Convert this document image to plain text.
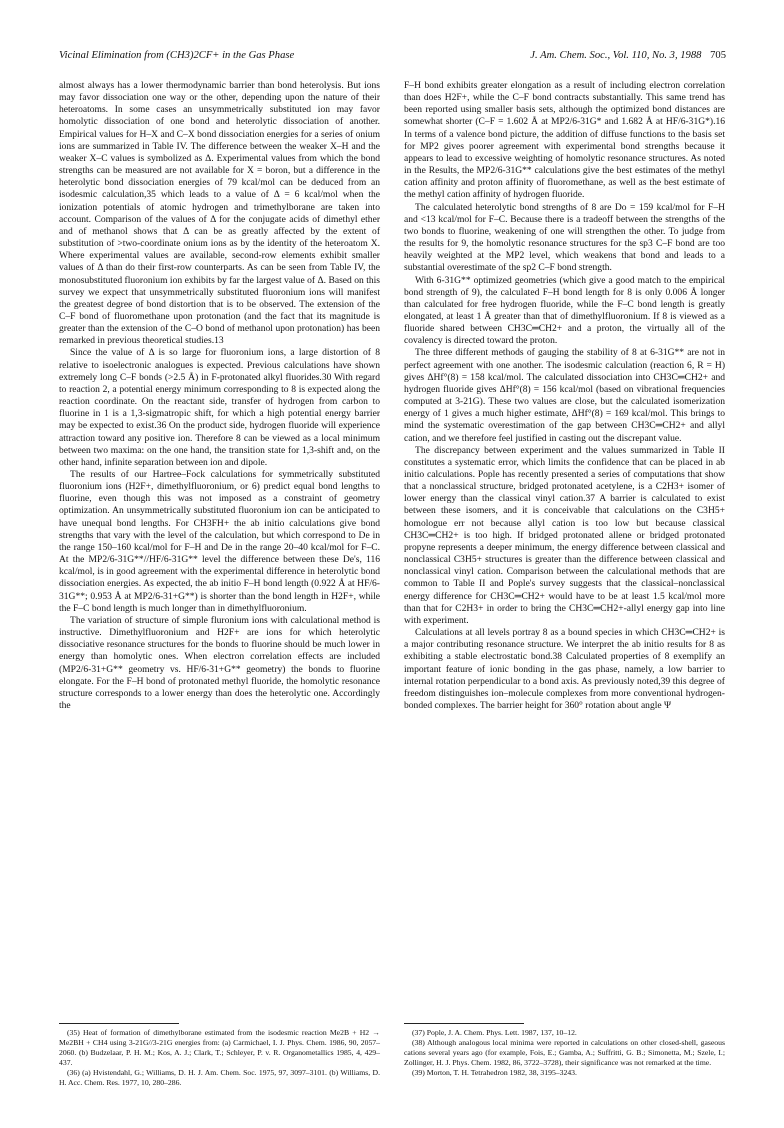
Vicinal Elimination from (CH3)2CF+ in the Gas Phase	J. Am. Chem. Soc., Vol. 110, No. 3, 1988 705

almost always has a lower thermodynamic barrier than bond heterolysis. But ions may favor dissociation one way or the other, depending upon the nature of their heteroatoms. In some cases an unsymmetrically substituted ion may favor homolytic dissociation of one bond and heterolytic dissociation of another. Empirical values for H–X and C–X bond dissociation energies for a series of onium ions are summarized in Table IV. The difference between the weaker X–H and the weaker X–C values is symbolized as Δ. Experimental values from which the bond strengths can be measured are not available for X = boron, but a difference in the heterolytic bond dissociation energies of 79 kcal/mol can be deduced from an isodesmic calculation,35 which leads to a value of Δ = 6 kcal/mol when the ionization potentials of atomic hydrogen and trimethylborane are taken into account. Comparison of the values of Δ for the conjugate acids of dimethyl ether and of methanol shows that Δ can be as greatly affected by the extent of substitution of >two-coordinate onium ions as by the identity of the heteroatom X. Where experimental values are available, second-row elements exhibit smaller values of Δ than do their first-row counterparts. As can be seen from Table IV, the monosubstituted fluoronium ion exhibits by far the largest value of Δ. Based on this survey we expect that unsymmetrically substituted fluoronium ions will manifest the greatest degree of bond distortion that is to be observed. The extension of the C–F bond of fluoromethane upon protonation (and the fact that its magnitude is greater than the extension of the C–O bond of methanol upon protonation) has been remarked in previous theoretical studies.13

Since the value of Δ is so large for fluoronium ions, a large distortion of 8 relative to isoelectronic analogues is expected. Previous calculations have shown extremely long C–F bonds (>2.5 Å) in F-protonated alkyl fluorides.30 With regard to reaction 2, a potential energy minimum corresponding to 8 is expected along the reaction coordinate. On the reactant side, transfer of hydrogen from carbon to fluorine in 1 is a 1,3-sigmatropic shift, for which a high potential energy barrier may be expected to exist.36 On the product side, hydrogen fluoride will experience attraction toward any positive ion. Therefore 8 can be viewed as a local minimum between two maxima: on the one hand, the transition state for 1,3-shift and, on the other hand, infinite separation between ion and dipole.

The results of our Hartree–Fock calculations for symmetrically substituted fluoronium ions (H2F+, dimethylfluoronium, or 6) predict equal bond lengths to fluorine, even though this was not imposed as a constraint of geometry optimization. An unsymmetrically substituted fluoronium ion can be anticipated to have unequal bond lengths. For CH3FH+ the ab initio calculations give bond strengths that vary with the level of the calculation, but which correspond to De in the range 150–160 kcal/mol for F–H and De in the range 20–40 kcal/mol for F–C. At the MP2/6-31G**//HF/6-31G** level the difference between these De's, 116 kcal/mol, is in good agreement with the experimental difference in heterolytic bond dissociation energies. As expected, the ab initio F–H bond length (0.922 Å at HF/6-31G**; 0.953 Å at MP2/6-31+G**) is shorter than the bond length in H2F+, while the F–C bond length is much longer than in dimethylfluoronium.

The variation of structure of simple fluronium ions with calculational method is instructive. Dimethylfluoronium and H2F+ are ions for which heterolytic dissociative resonance structures for the bonds to fluorine should be much lower in energy than homolytic ones. When electron correlation effects are included (MP2/6-31+G** geometry vs. HF/6-31+G** geometry) the bonds to fluorine elongate. For the F–H bond of protonated methyl fluoride, the homolytic resonance structure corresponds to a lower energy than does the heterolytic one. Accordingly the

F–H bond exhibits greater elongation as a result of including electron correlation than does H2F+, while the C–F bond contracts substantially. This same trend has been reported using smaller basis sets, although the optimized bond distances are somewhat shorter (C–F = 1.602 Å at MP2/6-31G* and 1.682 Å at HF/6-31G*).16 In terms of a valence bond picture, the addition of diffuse functions to the basis set for MP2 gives poorer agreement with experimental bond strengths because it appears to lead to excessive weighting of homolytic resonance structures. As noted in the Results, the MP2/6-31G** calculations give the best estimates of the methyl cation affinity and proton affinity of fluoromethane, as well as the best estimate of the methyl cation affinity of hydrogen fluoride.

The calculated heterolytic bond strengths of 8 are Do = 159 kcal/mol for F–H and <13 kcal/mol for F–C. Because there is a tradeoff between the strengths of the two bonds to fluorine, weakening of one will strengthen the other. To judge from the results for 9, the homolytic resonance structures for the sp3 C–F bond are too heavily weighted at the MP2 level, which weakens that bond and leads to a substantial overestimate of the sp2 C–F bond strength.

With 6-31G** optimized geometries (which give a good match to the empirical bond strength of 9), the calculated F–H bond length for 8 is only 0.006 Å longer than calculated for free hydrogen fluoride, while the F–C bond length is greatly elongated, at least 1 Å greater than that of dimethylfluoronium. If 8 is viewed as a fluoride shared between CH3C═CH2+ and a proton, the virtually all of the covalency is directed toward the proton.

The three different methods of gauging the stability of 8 at 6-31G** are not in perfect agreement with one another. The isodesmic calculation (reaction 6, R = H) gives ΔHf°(8) = 158 kcal/mol. The calculated dissociation into CH3C═CH2+ and hydrogen fluoride gives ΔHf°(8) = 156 kcal/mol (based on vibrational frequencies computed at 3-21G). These two values are close, but the calculated isomerization energy of 1 gives a much higher estimate, ΔHf°(8) = 169 kcal/mol. This brings to mind the systematic overestimation of the gap between CH3C═CH2+ and allyl cation, and we therefore feel justified in casting out the discrepant value.

The discrepancy between experiment and the values summarized in Table II constitutes a systematic error, which limits the confidence that can be placed in ab initio calculations. Pople has recently presented a series of computations that show that a nonclassical structure, bridged protonated acetylene, is a C2H3+ isomer of lower energy than the classical vinyl cation.37 A barrier is calculated to exist between these isomers, and it is conceivable that calculations on the C3H5+ homologue err not because allyl cation is too low but because classical CH3C═CH2+ is too high. If bridged protonated allene or bridged protonated propyne represents a deeper minimum, the energy difference between classical and nonclassical C3H5+ structures is greater than the difference between classical and nonclassical vinyl cation. Comparison between the calculational methods that are common to Table II and Pople's survey suggests that the classical–nonclassical energy difference for CH3C═CH2+ would have to be at least 1.5 kcal/mol more than that for C2H3+ in order to bring the CH3C═CH2+-allyl energy gap into line with experiment.

Calculations at all levels portray 8 as a bound species in which CH3C═CH2+ is a major contributing resonance structure. We interpret the ab initio results for 8 as exhibiting a stable electrostatic bond.38 Calculated properties of 8 exemplify an important feature of ionic bonding in the gas phase, namely, a low barrier to internal rotation perpendicular to a bond axis. As previously noted,39 this degree of freedom distinguishes ion–molecule complexes from more conventional hydrogen-bonded complexes. The barrier height for 360° rotation about angle Ψ

(35) Heat of formation of dimethylborane estimated from the isodesmic reaction Me2B + H2 → Me2BH + CH4 using 3-21G//3-21G energies from: (a) Carmichael, I. J. Phys. Chem. 1986, 90, 2057–2060. (b) Budzelaar, P. H. M.; Kos, A. J.; Clark, T.; Schleyer, P. v. R. Organometallics 1985, 4, 429–437.

(36) (a) Hvistendahl, G.; Williams, D. H. J. Am. Chem. Soc. 1975, 97, 3097–3101. (b) Williams, D. H. Acc. Chem. Res. 1977, 10, 280–286.

(37) Pople, J. A. Chem. Phys. Lett. 1987, 137, 10–12.

(38) Although analogous local minima were reported in calculations on other closed-shell, gaseous cations several years ago (for example, Fois, E.; Gamba, A.; Suffritti, G. B.; Simonetta, M.; Szele, I.; Zollinger, H. J. Phys. Chem. 1982, 86, 3722–3728), their significance was not remarked at the time.

(39) Morton, T. H. Tetrahedron 1982, 38, 3195–3243.
